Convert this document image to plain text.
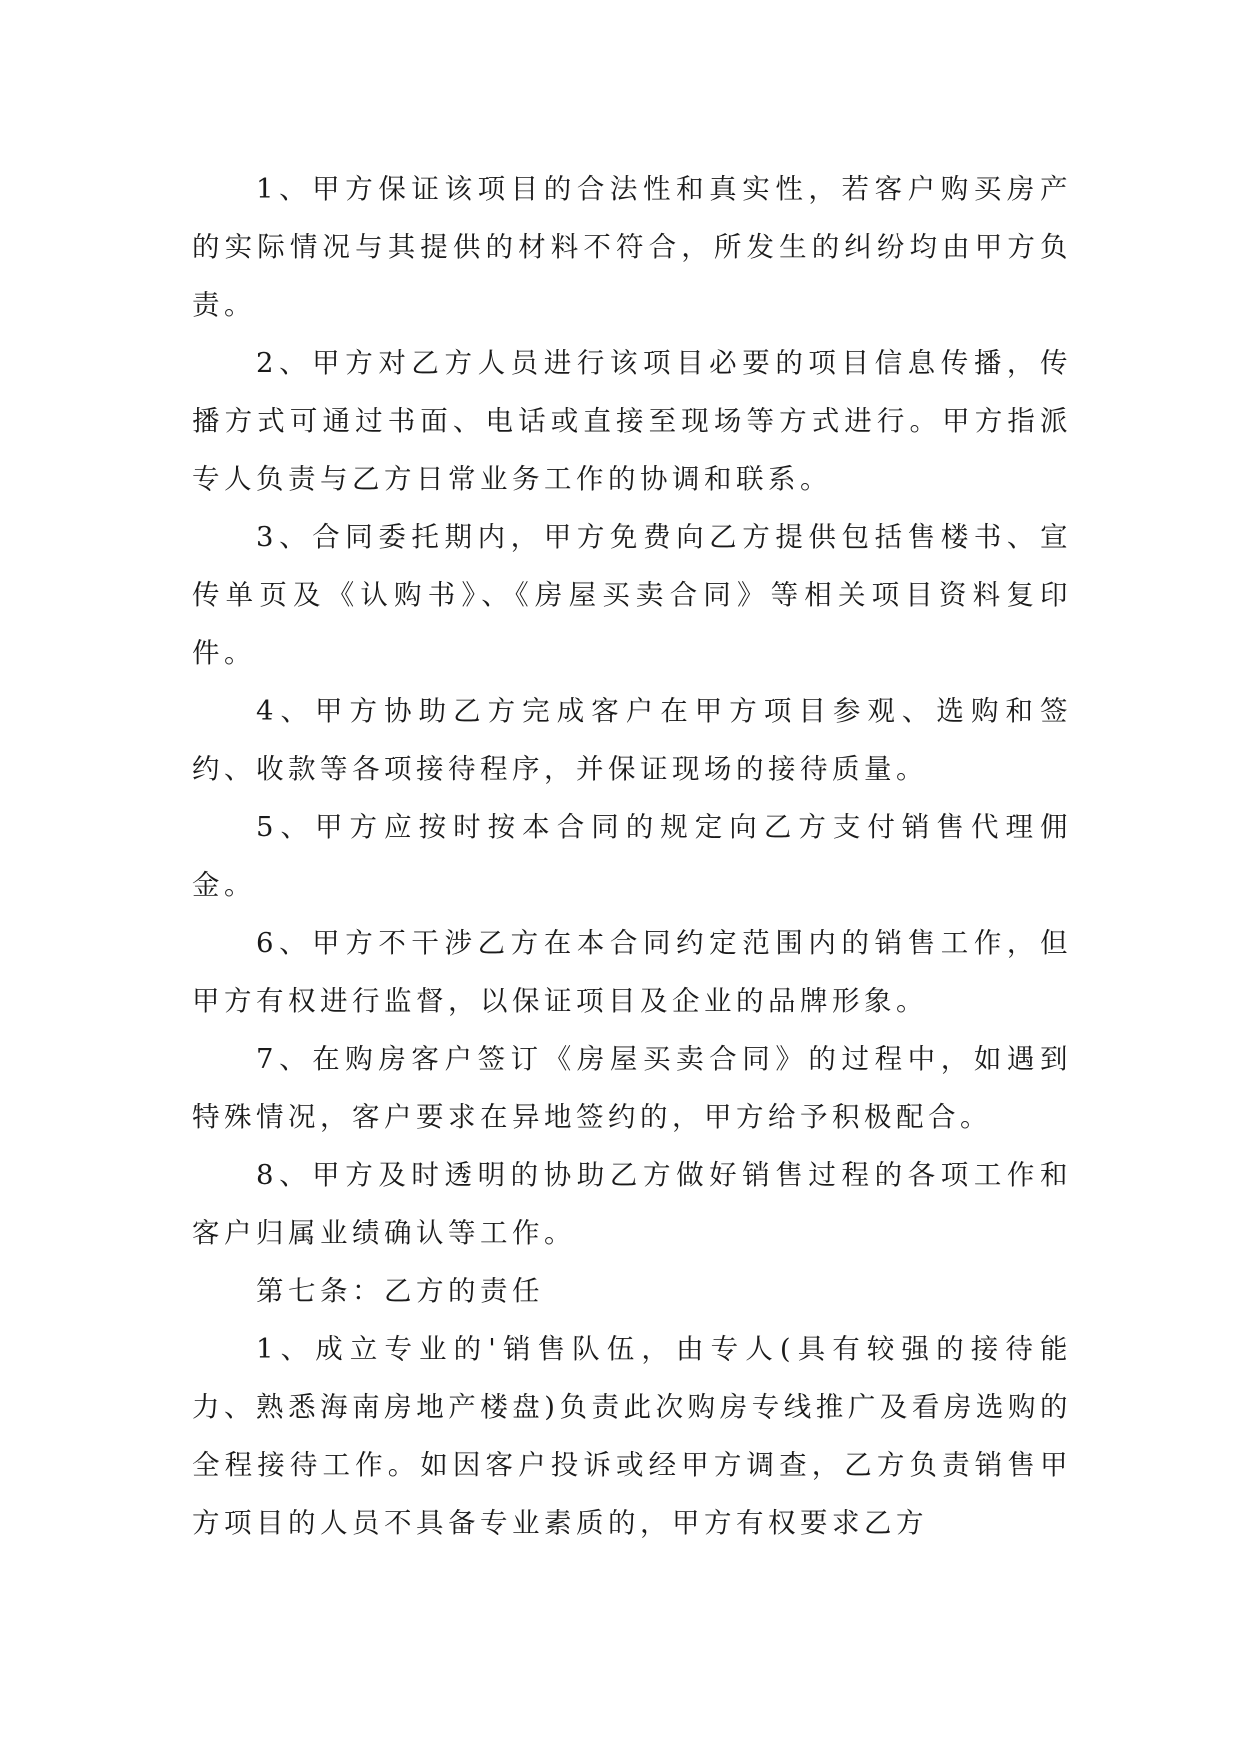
1、甲方保证该项目的合法性和真实性，若客户购买房产的实际情况与其提供的材料不符合，所发生的纠纷均由甲方负责。

2、甲方对乙方人员进行该项目必要的项目信息传播，传播方式可通过书面、电话或直接至现场等方式进行。甲方指派专人负责与乙方日常业务工作的协调和联系。

3、合同委托期内，甲方免费向乙方提供包括售楼书、宣传单页及《认购书》、《房屋买卖合同》等相关项目资料复印件。

4、甲方协助乙方完成客户在甲方项目参观、选购和签约、收款等各项接待程序，并保证现场的接待质量。

5、甲方应按时按本合同的规定向乙方支付销售代理佣金。

6、甲方不干涉乙方在本合同约定范围内的销售工作，但甲方有权进行监督，以保证项目及企业的品牌形象。

7、在购房客户签订《房屋买卖合同》的过程中，如遇到特殊情况，客户要求在异地签约的，甲方给予积极配合。

8、甲方及时透明的协助乙方做好销售过程的各项工作和客户归属业绩确认等工作。

第七条：乙方的责任

1、成立专业的'销售队伍，由专人(具有较强的接待能力、熟悉海南房地产楼盘)负责此次购房专线推广及看房选购的全程接待工作。如因客户投诉或经甲方调查，乙方负责销售甲方项目的人员不具备专业素质的，甲方有权要求乙方
